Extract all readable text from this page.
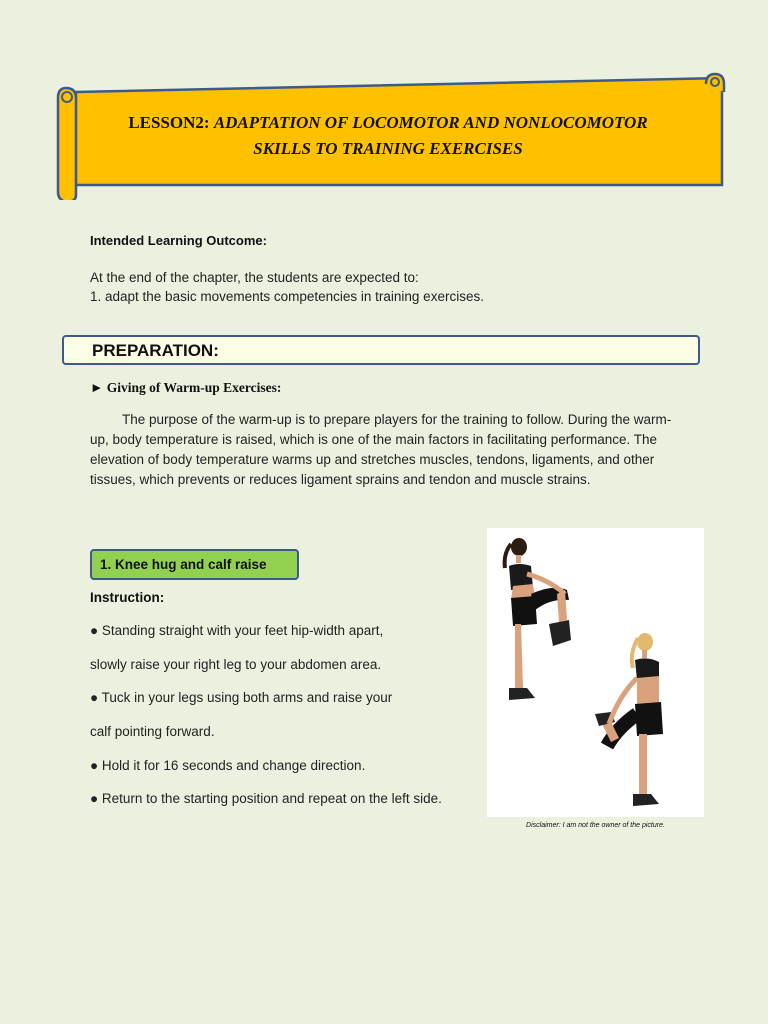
LESSON2: ADAPTATION OF LOCOMOTOR AND NONLOCOMOTOR
SKILLS TO TRAINING EXERCISES
Intended Learning Outcome:
At the end of the chapter, the students are expected to:
1. adapt the basic movements competencies in training exercises.
PREPARATION:
► Giving of Warm-up Exercises:
The purpose of the warm-up is to prepare players for the training to follow. During the warm-up, body temperature is raised, which is one of the main factors in facilitating performance. The elevation of body temperature warms up and stretches muscles, tendons, ligaments, and other tissues, which prevents or reduces ligament sprains and tendon and muscle strains.
1. Knee hug and calf raise
Instruction:
● Standing straight with your feet hip-width apart,
slowly raise your right leg to your abdomen area.
● Tuck in your legs using both arms and raise your
calf pointing forward.
● Hold it for 16 seconds and change direction.
● Return to the starting position and repeat on the left side.
Disclaimer: I am not the owner of the picture.
